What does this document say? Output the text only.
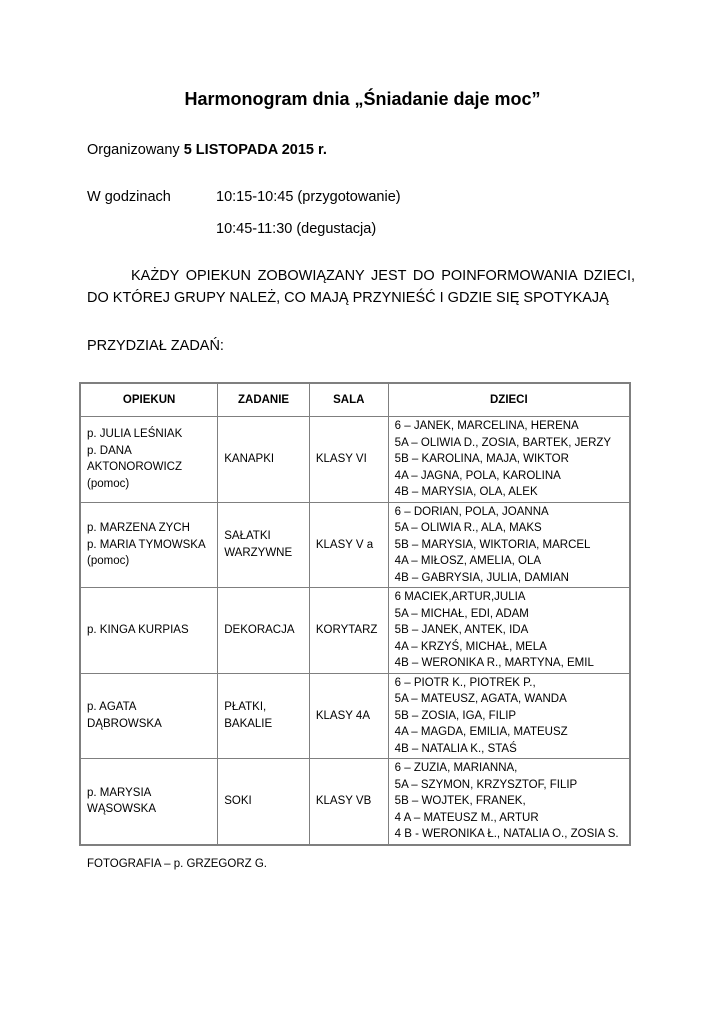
Harmonogram dnia „Śniadanie daje moc”
Organizowany 5 LISTOPADA 2015 r.
W godzinach	10:15-10:45 (przygotowanie)
10:45-11:30 (degustacja)
KAŻDY OPIEKUN ZOBOWIĄZANY JEST DO POINFORMOWANIA DZIECI, DO KTÓREJ GRUPY NALEŻ, CO MAJĄ PRZYNIEŚĆ I GDZIE SIĘ SPOTYKAJĄ
PRZYDZIAŁ ZADAŃ:
OPIEKUN	ZADANIE	SALA	DZIECI

p. JULIA LEŚNIAK
p. DANA AKTONOROWICZ
(pomoc)	KANAPKI	KLASY VI	6 – JANEK, MARCELINA, HERENA
5A – OLIWIA D., ZOSIA, BARTEK, JERZY
5B – KAROLINA, MAJA, WIKTOR
4A – JAGNA, POLA, KAROLINA
4B – MARYSIA, OLA, ALEK

p. MARZENA ZYCH
p. MARIA TYMOWSKA
(pomoc)	SAŁATKI
WARZYWNE	KLASY V a	6 – DORIAN, POLA, JOANNA
5A – OLIWIA R., ALA, MAKS
5B – MARYSIA, WIKTORIA, MARCEL
4A – MIŁOSZ, AMELIA, OLA
4B – GABRYSIA, JULIA, DAMIAN

p. KINGA KURPIAS	DEKORACJA	KORYTARZ	6 MACIEK,ARTUR,JULIA
5A – MICHAŁ, EDI, ADAM
5B – JANEK, ANTEK, IDA
4A – KRZYŚ, MICHAŁ, MELA
4B – WERONIKA R., MARTYNA, EMIL

p. AGATA
DĄBROWSKA	PŁATKI,
BAKALIE	KLASY 4A	6 – PIOTR K., PIOTREK P.,
5A – MATEUSZ, AGATA, WANDA
5B – ZOSIA, IGA, FILIP
4A – MAGDA, EMILIA, MATEUSZ
4B – NATALIA K., STAŚ

p. MARYSIA
WĄSOWSKA	SOKI	KLASY VB	6 – ZUZIA, MARIANNA,
5A – SZYMON, KRZYSZTOF, FILIP
5B – WOJTEK, FRANEK,
4 A – MATEUSZ M., ARTUR
4 B - WERONIKA Ł., NATALIA O., ZOSIA S.
FOTOGRAFIA – p. GRZEGORZ G.
